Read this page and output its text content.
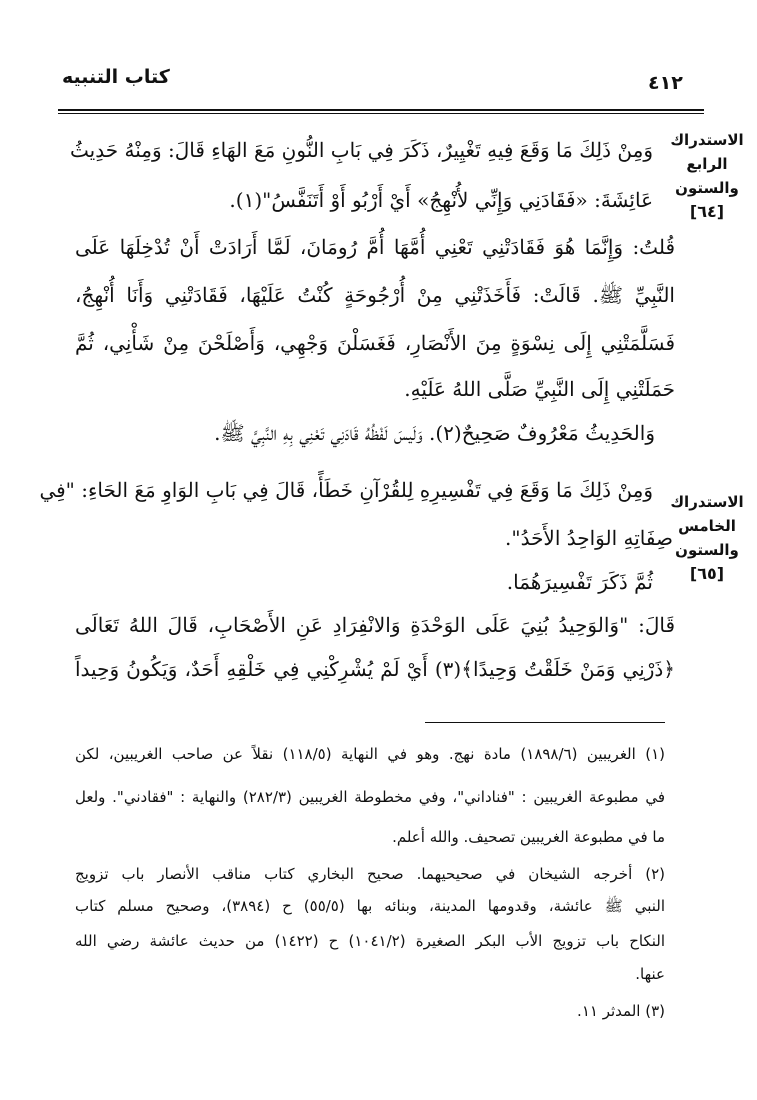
كتاب التنبيه	٤١٢
الاستدراك
الرابع
والستون
[٦٤]
الاستدراك
الخامس
والستون
[٦٥]
وَمِنْ ذَلِكَ مَا وَقَعَ فِيهِ تَغْيِيرٌ، ذَكَرَ فِي بَابِ النُّونِ مَعَ الهَاءِ قَالَ: وَمِنْهُ حَدِيثُ
عَائِشَةَ: «فَقَادَنِي وَإِنِّي لأُنْهِجُ» أَيْ أَرْبُو أَوْ أَتَنَفَّسُ"(١).
قُلتُ: وَإِنَّمَا هُوَ فَقَادَتْنِي تَعْنِي أُمَّهَا أُمَّ رُومَانَ، لَمَّا أَرَادَتْ أَنْ تُدْخِلَهَا عَلَى
النَّبِيِّ ﷺ. قَالَتْ: فَأَخَذَتْنِي مِنْ أُرْجُوحَةٍ كُنْتُ عَلَيْهَا، فَقَادَتْنِي وَأَنَا أُنْهِجُ،
فَسَلَّمَتْنِي إِلَى نِسْوَةٍ مِنَ الأَنْصَارِ، فَغَسَلْنَ وَجْهِي، وَأَصْلَحْنَ مِنْ شَأْنِي، ثُمَّ
حَمَلَتْنِي إِلَى النَّبِيِّ صَلَّى اللهُ عَلَيْهِ.
وَالحَدِيثُ مَعْرُوفٌ صَحِيحٌ(٢). وَلَيسَ لَفْظُهُ قَادَنِي تَعْنِي بِهِ النَّبِيَّ ﷺ.
وَمِنْ ذَلِكَ مَا وَقَعَ فِي تَفْسِيرِهِ لِلقُرْآنِ خَطَأً، قَالَ فِي بَابِ الوَاوِ مَعَ الحَاءِ: "فِي
صِفَاتِهِ الوَاحِدُ الأَحَدُ".
ثُمَّ ذَكَرَ تَفْسِيرَهُمَا.
قَالَ: "وَالوَحِيدُ بُنِيَ عَلَى الوَحْدَةِ وَالانْفِرَادِ عَنِ الأَصْحَابِ، قَالَ اللهُ تَعَالَى
﴿ذَرْنِي وَمَنْ خَلَقْتُ وَحِيدًا﴾(٣) أَيْ لَمْ يُشْرِكْنِي فِي خَلْقِهِ أَحَدٌ، وَيَكُونُ وَحِيداً
(١) الغريبين (١٨٩٨/٦) مادة نهج. وهو في النهاية (١١٨/٥) نقلاً عن صاحب الغريبين، لكن
في مطبوعة الغريبين : "فناداني"، وفي مخطوطة الغريبين (٢٨٢/٣) والنهاية : "فقادني". ولعل
ما في مطبوعة الغريبين تصحيف. والله أعلم.
(٢) أخرجه الشيخان في صحيحيهما. صحيح البخاري كتاب مناقب الأنصار باب تزويج
النبي ﷺ عائشة، وقدومها المدينة، وبنائه بها (٥٥/٥) ح (٣٨٩٤)، وصحيح مسلم كتاب
النكاح باب تزويج الأب البكر الصغيرة (١٠٤١/٢) ح (١٤٢٢) من حديث عائشة رضي الله
عنها.
(٣) المدثر ١١.
